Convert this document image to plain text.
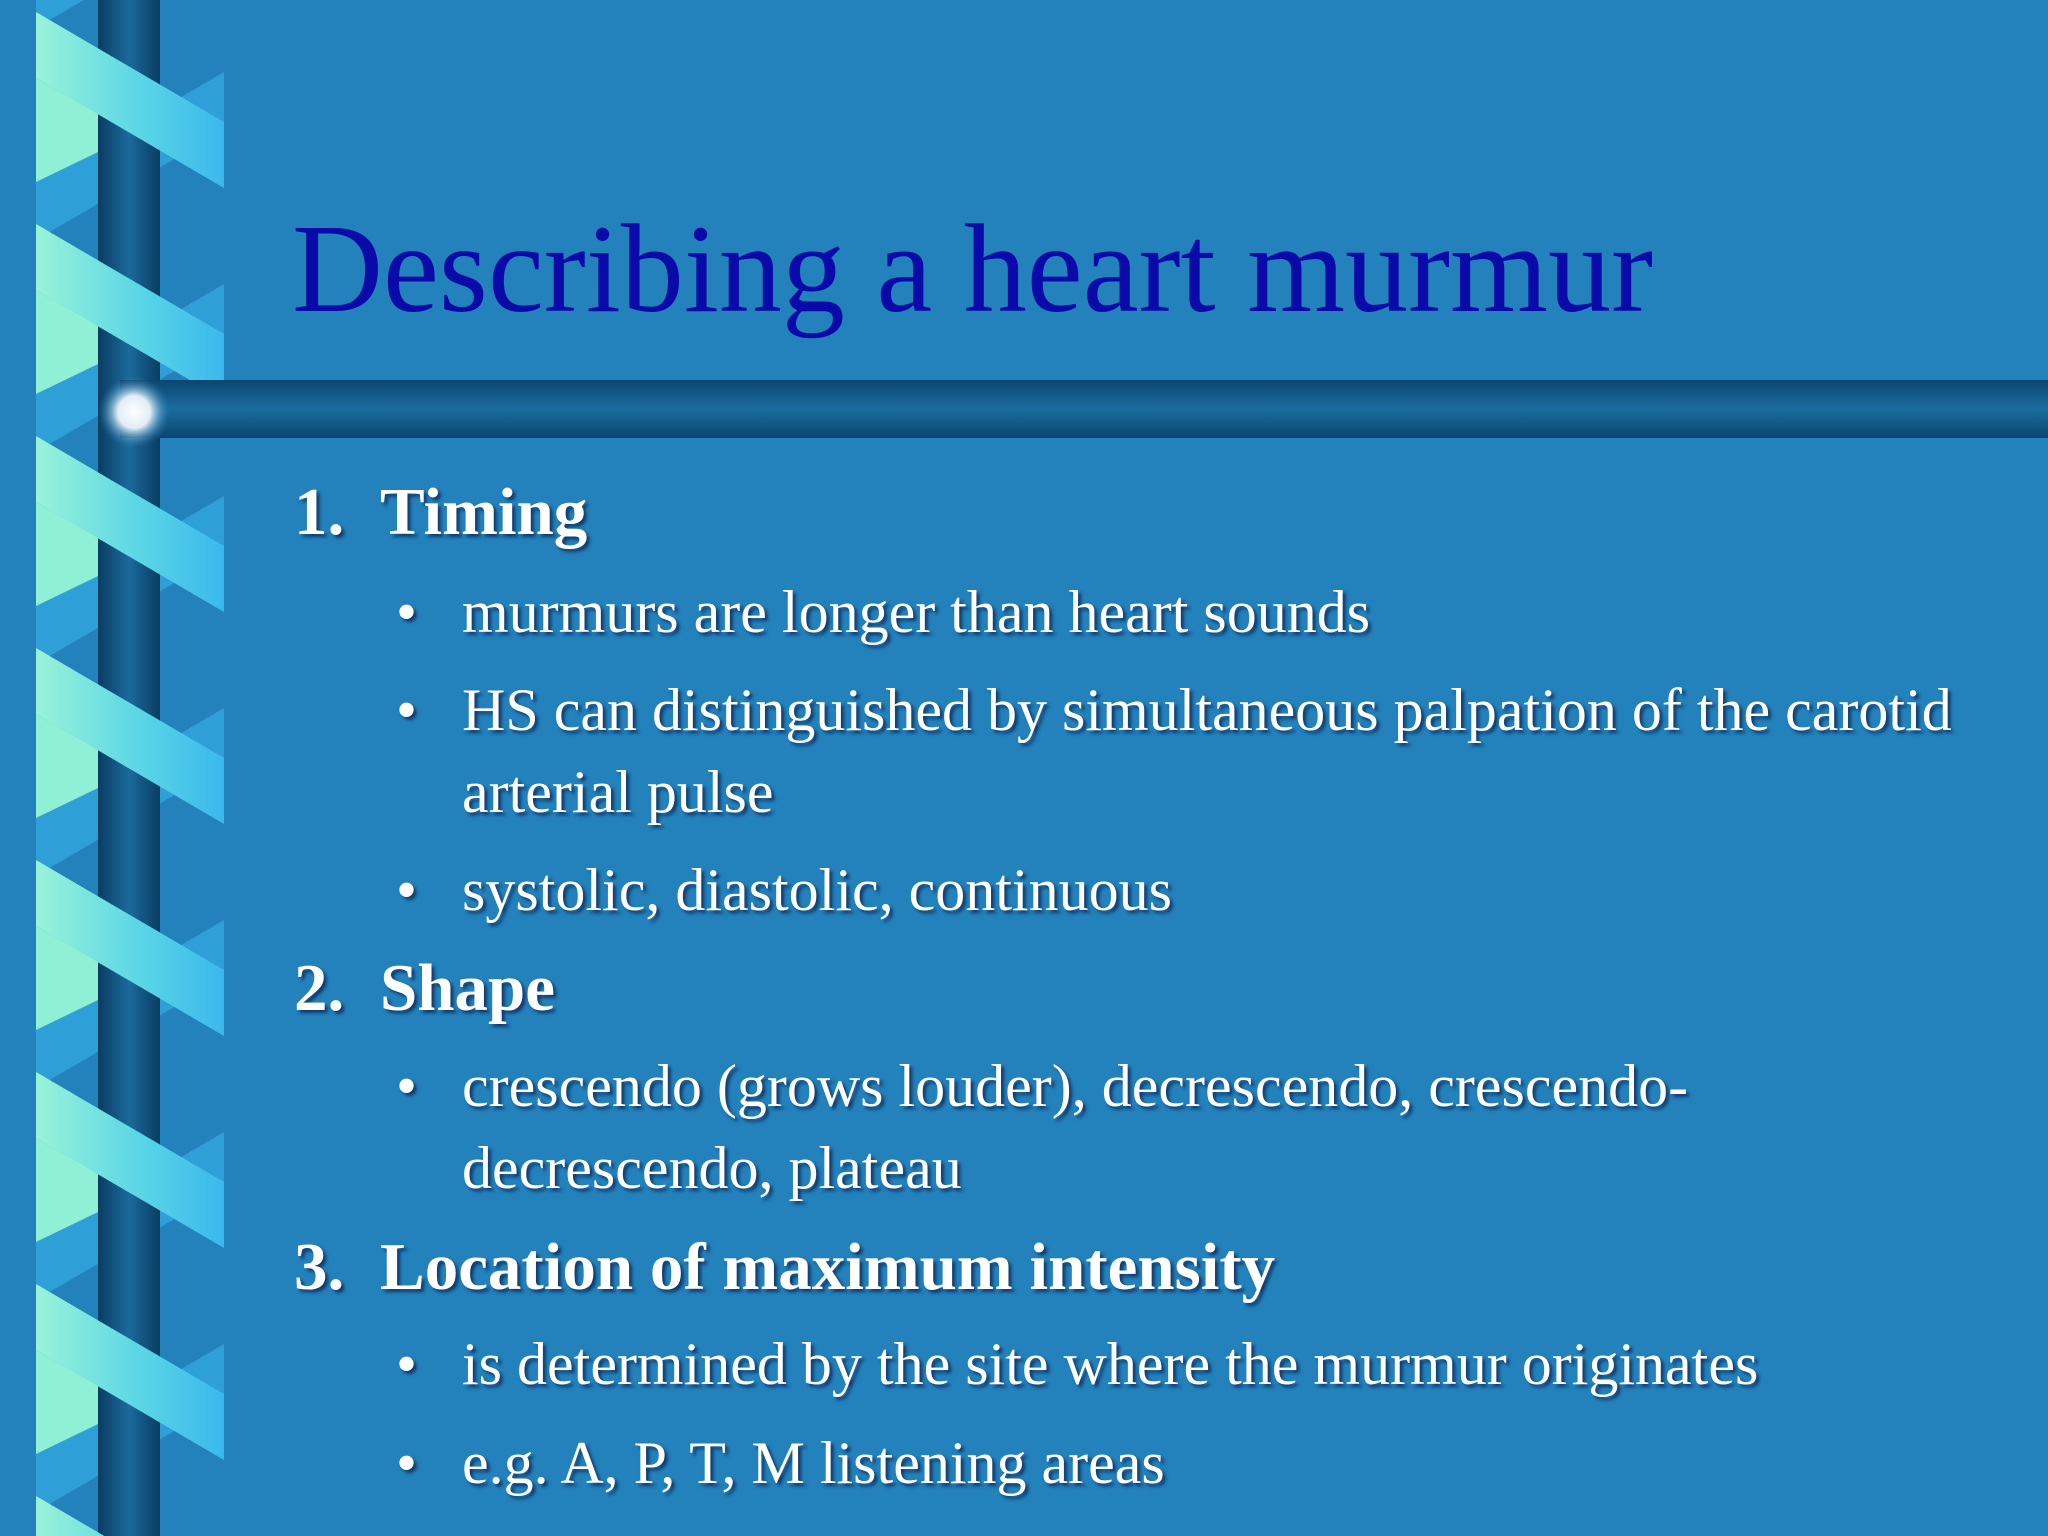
Describing a heart murmur
1. Timing
• murmurs are longer than heart sounds
• HS can distinguished by simultaneous palpation of the carotid arterial pulse
• systolic, diastolic, continuous
2. Shape
• crescendo (grows louder), decrescendo, crescendo-decrescendo, plateau
3. Location of maximum intensity
• is determined by the site where the murmur originates
• e.g. A, P, T, M listening areas
